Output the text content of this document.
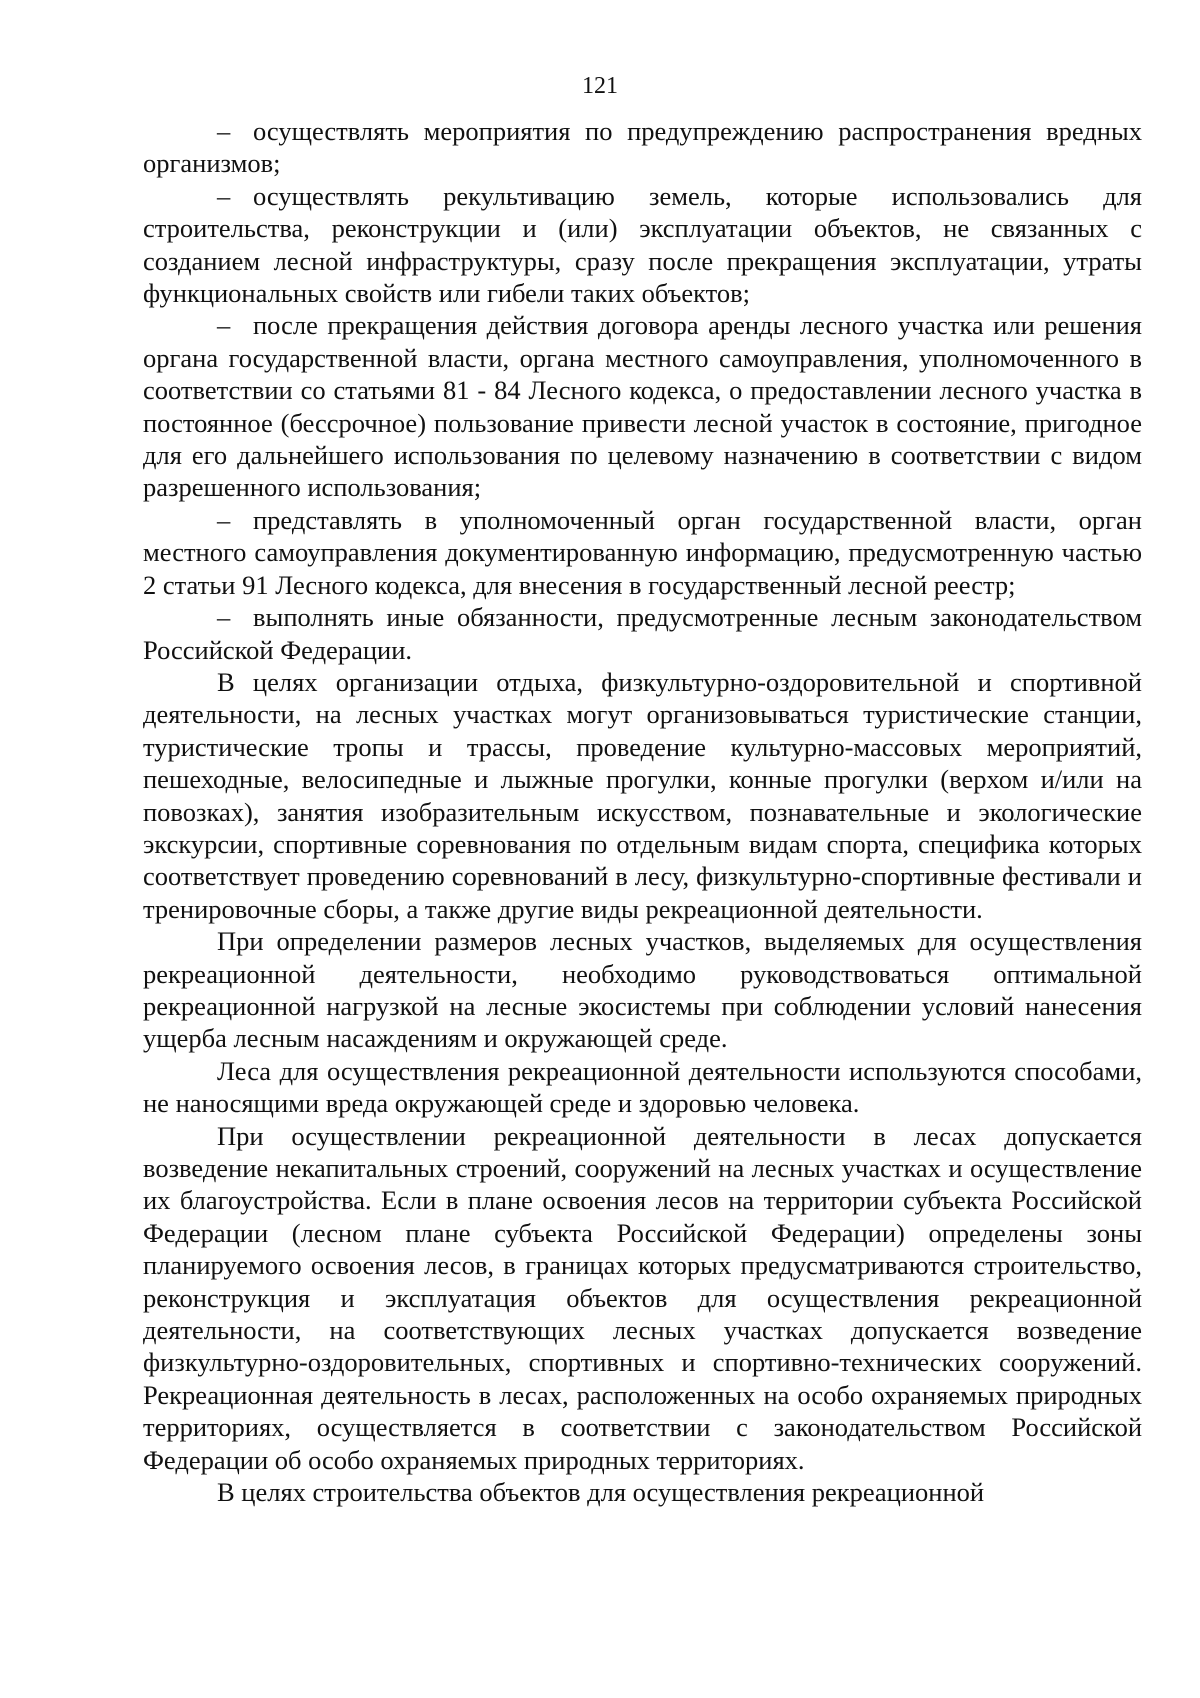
121

– осуществлять мероприятия по предупреждению распространения вредных организмов;

– осуществлять рекультивацию земель, которые использовались для строительства, реконструкции и (или) эксплуатации объектов, не связанных с созданием лесной инфраструктуры, сразу после прекращения эксплуатации, утраты функциональных свойств или гибели таких объектов;

– после прекращения действия договора аренды лесного участка или решения органа государственной власти, органа местного самоуправления, уполномоченного в соответствии со статьями 81 - 84 Лесного кодекса, о предоставлении лесного участка в постоянное (бессрочное) пользование привести лесной участок в состояние, пригодное для его дальнейшего использования по целевому назначению в соответствии с видом разрешенного использования;

– представлять в уполномоченный орган государственной власти, орган местного самоуправления документированную информацию, предусмотренную частью 2 статьи 91 Лесного кодекса, для внесения в государственный лесной реестр;

– выполнять иные обязанности, предусмотренные лесным законодательством Российской Федерации.

В целях организации отдыха, физкультурно-оздоровительной и спортивной деятельности, на лесных участках могут организовываться туристические станции, туристические тропы и трассы, проведение культурно-массовых мероприятий, пешеходные, велосипедные и лыжные прогулки, конные прогулки (верхом и/или на повозках), занятия изобразительным искусством, познавательные и экологические экскурсии, спортивные соревнования по отдельным видам спорта, специфика которых соответствует проведению соревнований в лесу, физкультурно-спортивные фестивали и тренировочные сборы, а также другие виды рекреационной деятельности.

При определении размеров лесных участков, выделяемых для осуществления рекреационной деятельности, необходимо руководствоваться оптимальной рекреационной нагрузкой на лесные экосистемы при соблюдении условий нанесения ущерба лесным насаждениям и окружающей среде.

Леса для осуществления рекреационной деятельности используются способами, не наносящими вреда окружающей среде и здоровью человека.

При осуществлении рекреационной деятельности в лесах допускается возведение некапитальных строений, сооружений на лесных участках и осуществление их благоустройства. Если в плане освоения лесов на территории субъекта Российской Федерации (лесном плане субъекта Российской Федерации) определены зоны планируемого освоения лесов, в границах которых предусматриваются строительство, реконструкция и эксплуатация объектов для осуществления рекреационной деятельности, на соответствующих лесных участках допускается возведение физкультурно-оздоровительных, спортивных и спортивно-технических сооружений. Рекреационная деятельность в лесах, расположенных на особо охраняемых природных территориях, осуществляется в соответствии с законодательством Российской Федерации об особо охраняемых природных территориях.

В целях строительства объектов для осуществления рекреационной
